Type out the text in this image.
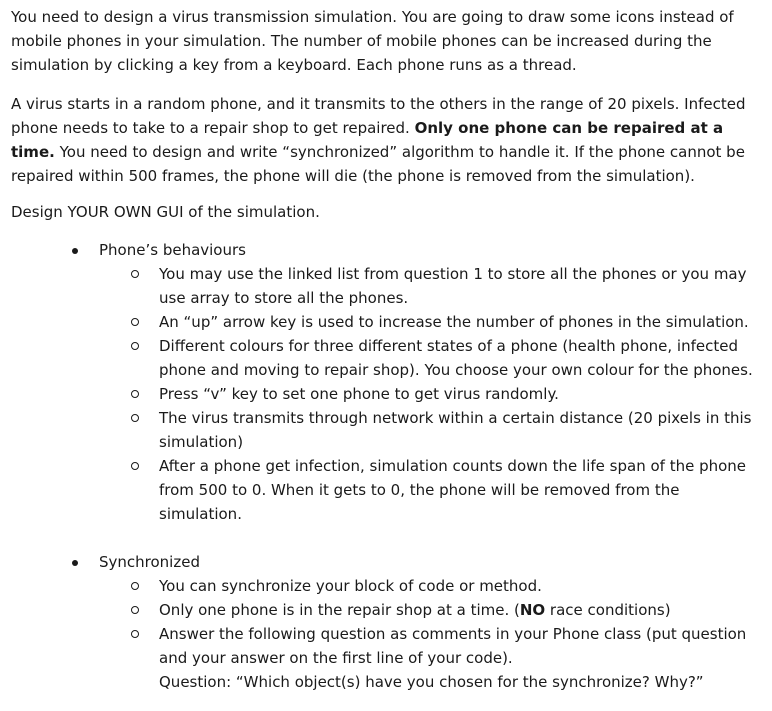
You need to design a virus transmission simulation. You are going to draw some icons instead of mobile phones in your simulation. The number of mobile phones can be increased during the simulation by clicking a key from a keyboard. Each phone runs as a thread.

A virus starts in a random phone, and it transmits to the others in the range of 20 pixels. Infected phone needs to take to a repair shop to get repaired. Only one phone can be repaired at a time. You need to design and write “synchronized” algorithm to handle it. If the phone cannot be repaired within 500 frames, the phone will die (the phone is removed from the simulation).

Design YOUR OWN GUI of the simulation.

Phone’s behaviours
You may use the linked list from question 1 to store all the phones or you may use array to store all the phones.
An “up” arrow key is used to increase the number of phones in the simulation.
Different colours for three different states of a phone (health phone, infected phone and moving to repair shop). You choose your own colour for the phones.
Press “v” key to set one phone to get virus randomly.
The virus transmits through network within a certain distance (20 pixels in this simulation)
After a phone get infection, simulation counts down the life span of the phone from 500 to 0. When it gets to 0, the phone will be removed from the simulation.
Synchronized
You can synchronize your block of code or method.
Only one phone is in the repair shop at a time. (NO race conditions)
Answer the following question as comments in your Phone class (put question and your answer on the first line of your code).
Question: “Which object(s) have you chosen for the synchronize? Why?”
